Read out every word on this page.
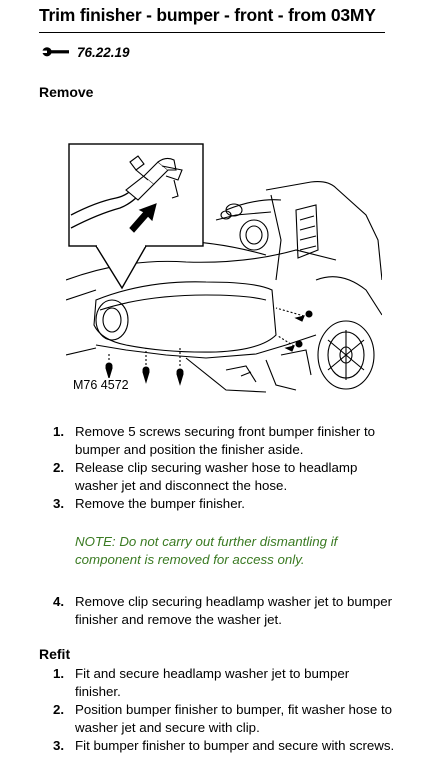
Trim finisher - bumper - front - from 03MY
76.22.19
Remove
M76 4572
1. Remove 5 screws securing front bumper finisher to bumper and position the finisher aside.
2. Release clip securing washer hose to headlamp washer jet and disconnect the hose.
3. Remove the bumper finisher.
NOTE: Do not carry out further dismantling if component is removed for access only.
4. Remove clip securing headlamp washer jet to bumper finisher and remove the washer jet.
Refit
1. Fit and secure headlamp washer jet to bumper finisher.
2. Position bumper finisher to bumper, fit washer hose to washer jet and secure with clip.
3. Fit bumper finisher to bumper and secure with screws.
